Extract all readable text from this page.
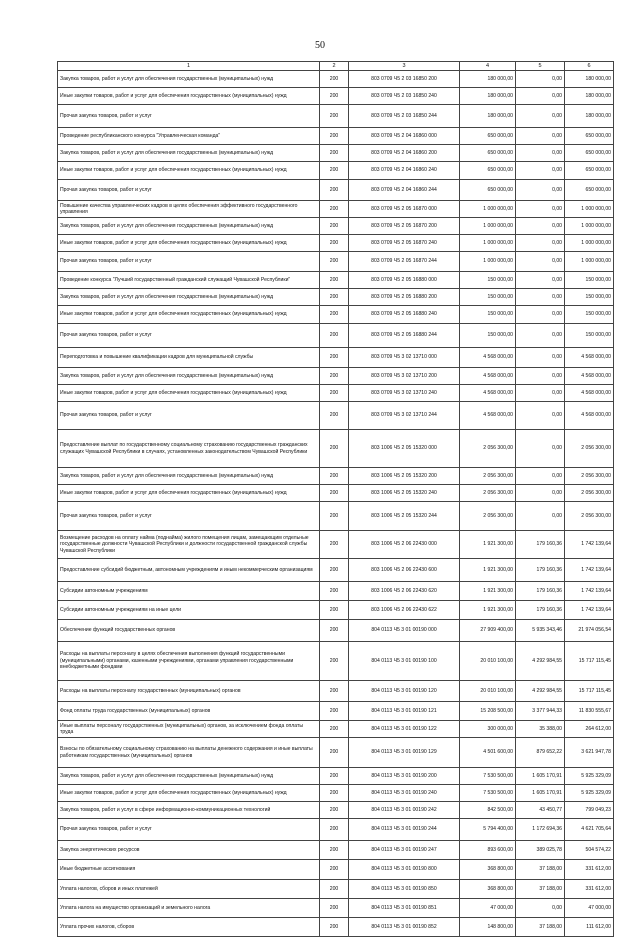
50
1	2	3	4	5	6
Закупка товаров, работ и услуг для обеспечения государственных (муниципальных) нужд	200	803 0709 Ч5 2 03 16850 200	180 000,00	0,00	180 000,00
Иные закупки товаров, работ и услуг для обеспечения государственных (муниципальных) нужд	200	803 0709 Ч5 2 03 16850 240	180 000,00	0,00	180 000,00
Прочая закупка товаров, работ и услуг	200	803 0709 Ч5 2 03 16850 244	180 000,00	0,00	180 000,00
Проведение республиканского конкурса "Управленческая команда"	200	803 0709 Ч5 2 04 16860 000	650 000,00	0,00	650 000,00
Закупка товаров, работ и услуг для обеспечения государственных (муниципальных) нужд	200	803 0709 Ч5 2 04 16860 200	650 000,00	0,00	650 000,00
Иные закупки товаров, работ и услуг для обеспечения государственных (муниципальных) нужд	200	803 0709 Ч5 2 04 16860 240	650 000,00	0,00	650 000,00
Прочая закупка товаров, работ и услуг	200	803 0709 Ч5 2 04 16860 244	650 000,00	0,00	650 000,00
Повышение качества управленческих кадров в целях обеспечения эффективного государственного управления	200	803 0709 Ч5 2 05 16870 000	1 000 000,00	0,00	1 000 000,00
Закупка товаров, работ и услуг для обеспечения государственных (муниципальных) нужд	200	803 0709 Ч5 2 05 16870 200	1 000 000,00	0,00	1 000 000,00
Иные закупки товаров, работ и услуг для обеспечения государственных (муниципальных) нужд	200	803 0709 Ч5 2 05 16870 240	1 000 000,00	0,00	1 000 000,00
Прочая закупка товаров, работ и услуг	200	803 0709 Ч5 2 05 16870 244	1 000 000,00	0,00	1 000 000,00
Проведение конкурса "Лучший государственный гражданский служащий Чувашской Республики"	200	803 0709 Ч5 2 05 16880 000	150 000,00	0,00	150 000,00
Закупка товаров, работ и услуг для обеспечения государственных (муниципальных) нужд	200	803 0709 Ч5 2 05 16880 200	150 000,00	0,00	150 000,00
Иные закупки товаров, работ и услуг для обеспечения государственных (муниципальных) нужд	200	803 0709 Ч5 2 05 16880 240	150 000,00	0,00	150 000,00
Прочая закупка товаров, работ и услуг	200	803 0709 Ч5 2 05 16880 244	150 000,00	0,00	150 000,00
Переподготовка и повышение квалификации кадров для муниципальной службы	200	803 0709 Ч5 3 02 13710 000	4 568 000,00	0,00	4 568 000,00
Закупка товаров, работ и услуг для обеспечения государственных (муниципальных) нужд	200	803 0709 Ч5 3 02 13710 200	4 568 000,00	0,00	4 568 000,00
Иные закупки товаров, работ и услуг для обеспечения государственных (муниципальных) нужд	200	803 0709 Ч5 3 02 13710 240	4 568 000,00	0,00	4 568 000,00
Прочая закупка товаров, работ и услуг	200	803 0709 Ч5 3 02 13710 244	4 568 000,00	0,00	4 568 000,00
Предоставление выплат по государственному социальному страхованию государственных гражданских служащих Чувашской Республики в случаях, установленных законодательством Чувашской Республики	200	803 1006 Ч5 2 05 15320 000	2 056 300,00	0,00	2 056 300,00
Закупка товаров, работ и услуг для обеспечения государственных (муниципальных) нужд	200	803 1006 Ч5 2 05 15320 200	2 056 300,00	0,00	2 056 300,00
Иные закупки товаров, работ и услуг для обеспечения государственных (муниципальных) нужд	200	803 1006 Ч5 2 05 15320 240	2 056 300,00	0,00	2 056 300,00
Прочая закупка товаров, работ и услуг	200	803 1006 Ч5 2 05 15320 244	2 056 300,00	0,00	2 056 300,00
Возмещение расходов на оплату найма (поднайма) жилого помещения лицам, замещающим отдельные государственные должности Чувашской Республики и должности государственной гражданской службы Чувашской Республики	200	803 1006 Ч5 2 06 22430 000	1 921 300,00	179 160,36	1 742 139,64
Предоставление субсидий бюджетным, автономным учреждениям и иным некоммерческим организациям	200	803 1006 Ч5 2 06 22430 600	1 921 300,00	179 160,36	1 742 139,64
Субсидии автономным учреждениям	200	803 1006 Ч5 2 06 22430 620	1 921 300,00	179 160,36	1 742 139,64
Субсидии автономным учреждениям на иные цели	200	803 1006 Ч5 2 06 22430 622	1 921 300,00	179 160,36	1 742 139,64
Обеспечение функций государственных органов	200	804 0113 Ч5 3 01 00190 000	27 909 400,00	5 935 343,46	21 974 056,54
Расходы на выплаты персоналу в целях обеспечения выполнения функций государственными (муниципальными) органами, казенными учреждениями, органами управления государственными внебюджетными фондами	200	804 0113 Ч5 3 01 00190 100	20 010 100,00	4 292 984,55	15 717 115,45
Расходы на выплаты персоналу государственных (муниципальных) органов	200	804 0113 Ч5 3 01 00190 120	20 010 100,00	4 292 984,55	15 717 115,45
Фонд оплаты труда государственных (муниципальных) органов	200	804 0113 Ч5 3 01 00190 121	15 208 500,00	3 377 944,33	11 830 555,67
Иные выплаты персоналу государственных (муниципальных) органов, за исключением фонда оплаты труда	200	804 0113 Ч5 3 01 00190 122	300 000,00	35 388,00	264 612,00
Взносы по обязательному социальному страхованию на выплаты денежного содержания и иные выплаты работникам государственных (муниципальных) органов	200	804 0113 Ч5 3 01 00190 129	4 501 600,00	879 652,22	3 621 947,78
Закупка товаров, работ и услуг для обеспечения государственных (муниципальных) нужд	200	804 0113 Ч5 3 01 00190 200	7 530 500,00	1 605 170,91	5 925 329,09
Иные закупки товаров, работ и услуг для обеспечения государственных (муниципальных) нужд	200	804 0113 Ч5 3 01 00190 240	7 530 500,00	1 605 170,91	5 925 329,09
Закупка товаров, работ и услуг в сфере информационно-коммуникационных технологий	200	804 0113 Ч5 3 01 00190 242	842 500,00	43 450,77	799 049,23
Прочая закупка товаров, работ и услуг	200	804 0113 Ч5 3 01 00190 244	5 794 400,00	1 172 694,36	4 621 705,64
Закупка энергетических ресурсов	200	804 0113 Ч5 3 01 00190 247	893 600,00	389 025,78	504 574,22
Иные бюджетные ассигнования	200	804 0113 Ч5 3 01 00190 800	368 800,00	37 188,00	331 612,00
Уплата налогов, сборов и иных платежей	200	804 0113 Ч5 3 01 00190 850	368 800,00	37 188,00	331 612,00
Уплата налога на имущество организаций и земельного налога	200	804 0113 Ч5 3 01 00190 851	47 000,00	0,00	47 000,00
Уплата прочих налогов, сборов	200	804 0113 Ч5 3 01 00190 852	148 800,00	37 188,00	111 612,00
